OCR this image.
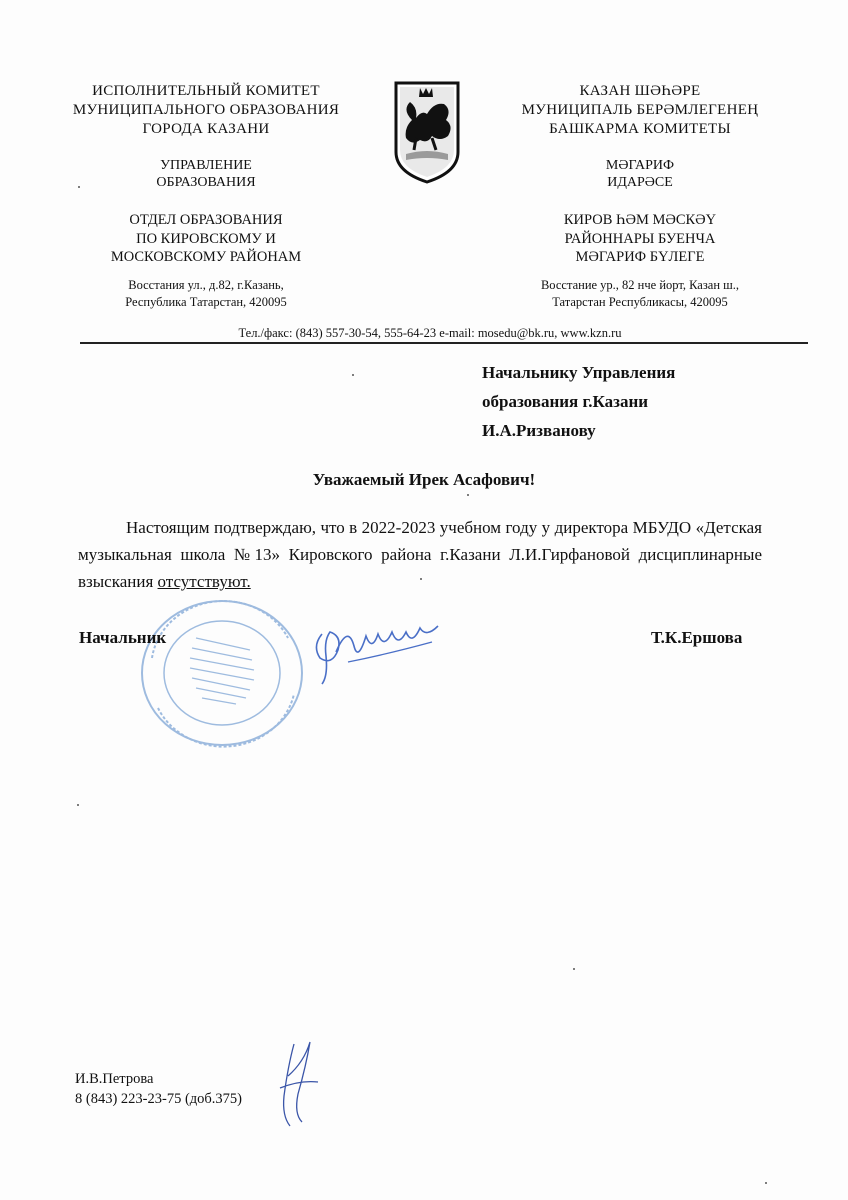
ИСПОЛНИТЕЛЬНЫЙ КОМИТЕТ
МУНИЦИПАЛЬНОГО ОБРАЗОВАНИЯ
ГОРОДА КАЗАНИ
УПРАВЛЕНИЕ
ОБРАЗОВАНИЯ
ОТДЕЛ ОБРАЗОВАНИЯ
ПО КИРОВСКОМУ И
МОСКОВСКОМУ РАЙОНАМ
Восстания ул., д.82, г.Казань,
Республика Татарстан, 420095
КАЗАН ШӘҺӘРЕ
МУНИЦИПАЛЬ БЕРӘМЛЕГЕНЕҢ
БАШКАРМА КОМИТЕТЫ
МӘГАРИФ
ИДАРӘСЕ
КИРОВ ҺӘМ МӘСКӘҮ
РАЙОННАРЫ БУЕНЧА
МӘГАРИФ БҮЛЕГЕ
Восстание ур., 82 нче йорт, Казан ш.,
Татарстан Республикасы, 420095
Тел./факс: (843) 557-30-54, 555-64-23 e-mail: mosedu@bk.ru, www.kzn.ru
Начальнику Управления
образования г.Казани
И.А.Ризванову
Уважаемый Ирек Асафович!
Настоящим подтверждаю, что в 2022-2023 учебном году у директора МБУДО «Детская музыкальная школа №13» Кировского района г.Казани Л.И.Гирфановой дисциплинарные взыскания отсутствуют.
Начальник	Т.К.Ершова
И.В.Петрова
8 (843) 223-23-75 (доб.375)
